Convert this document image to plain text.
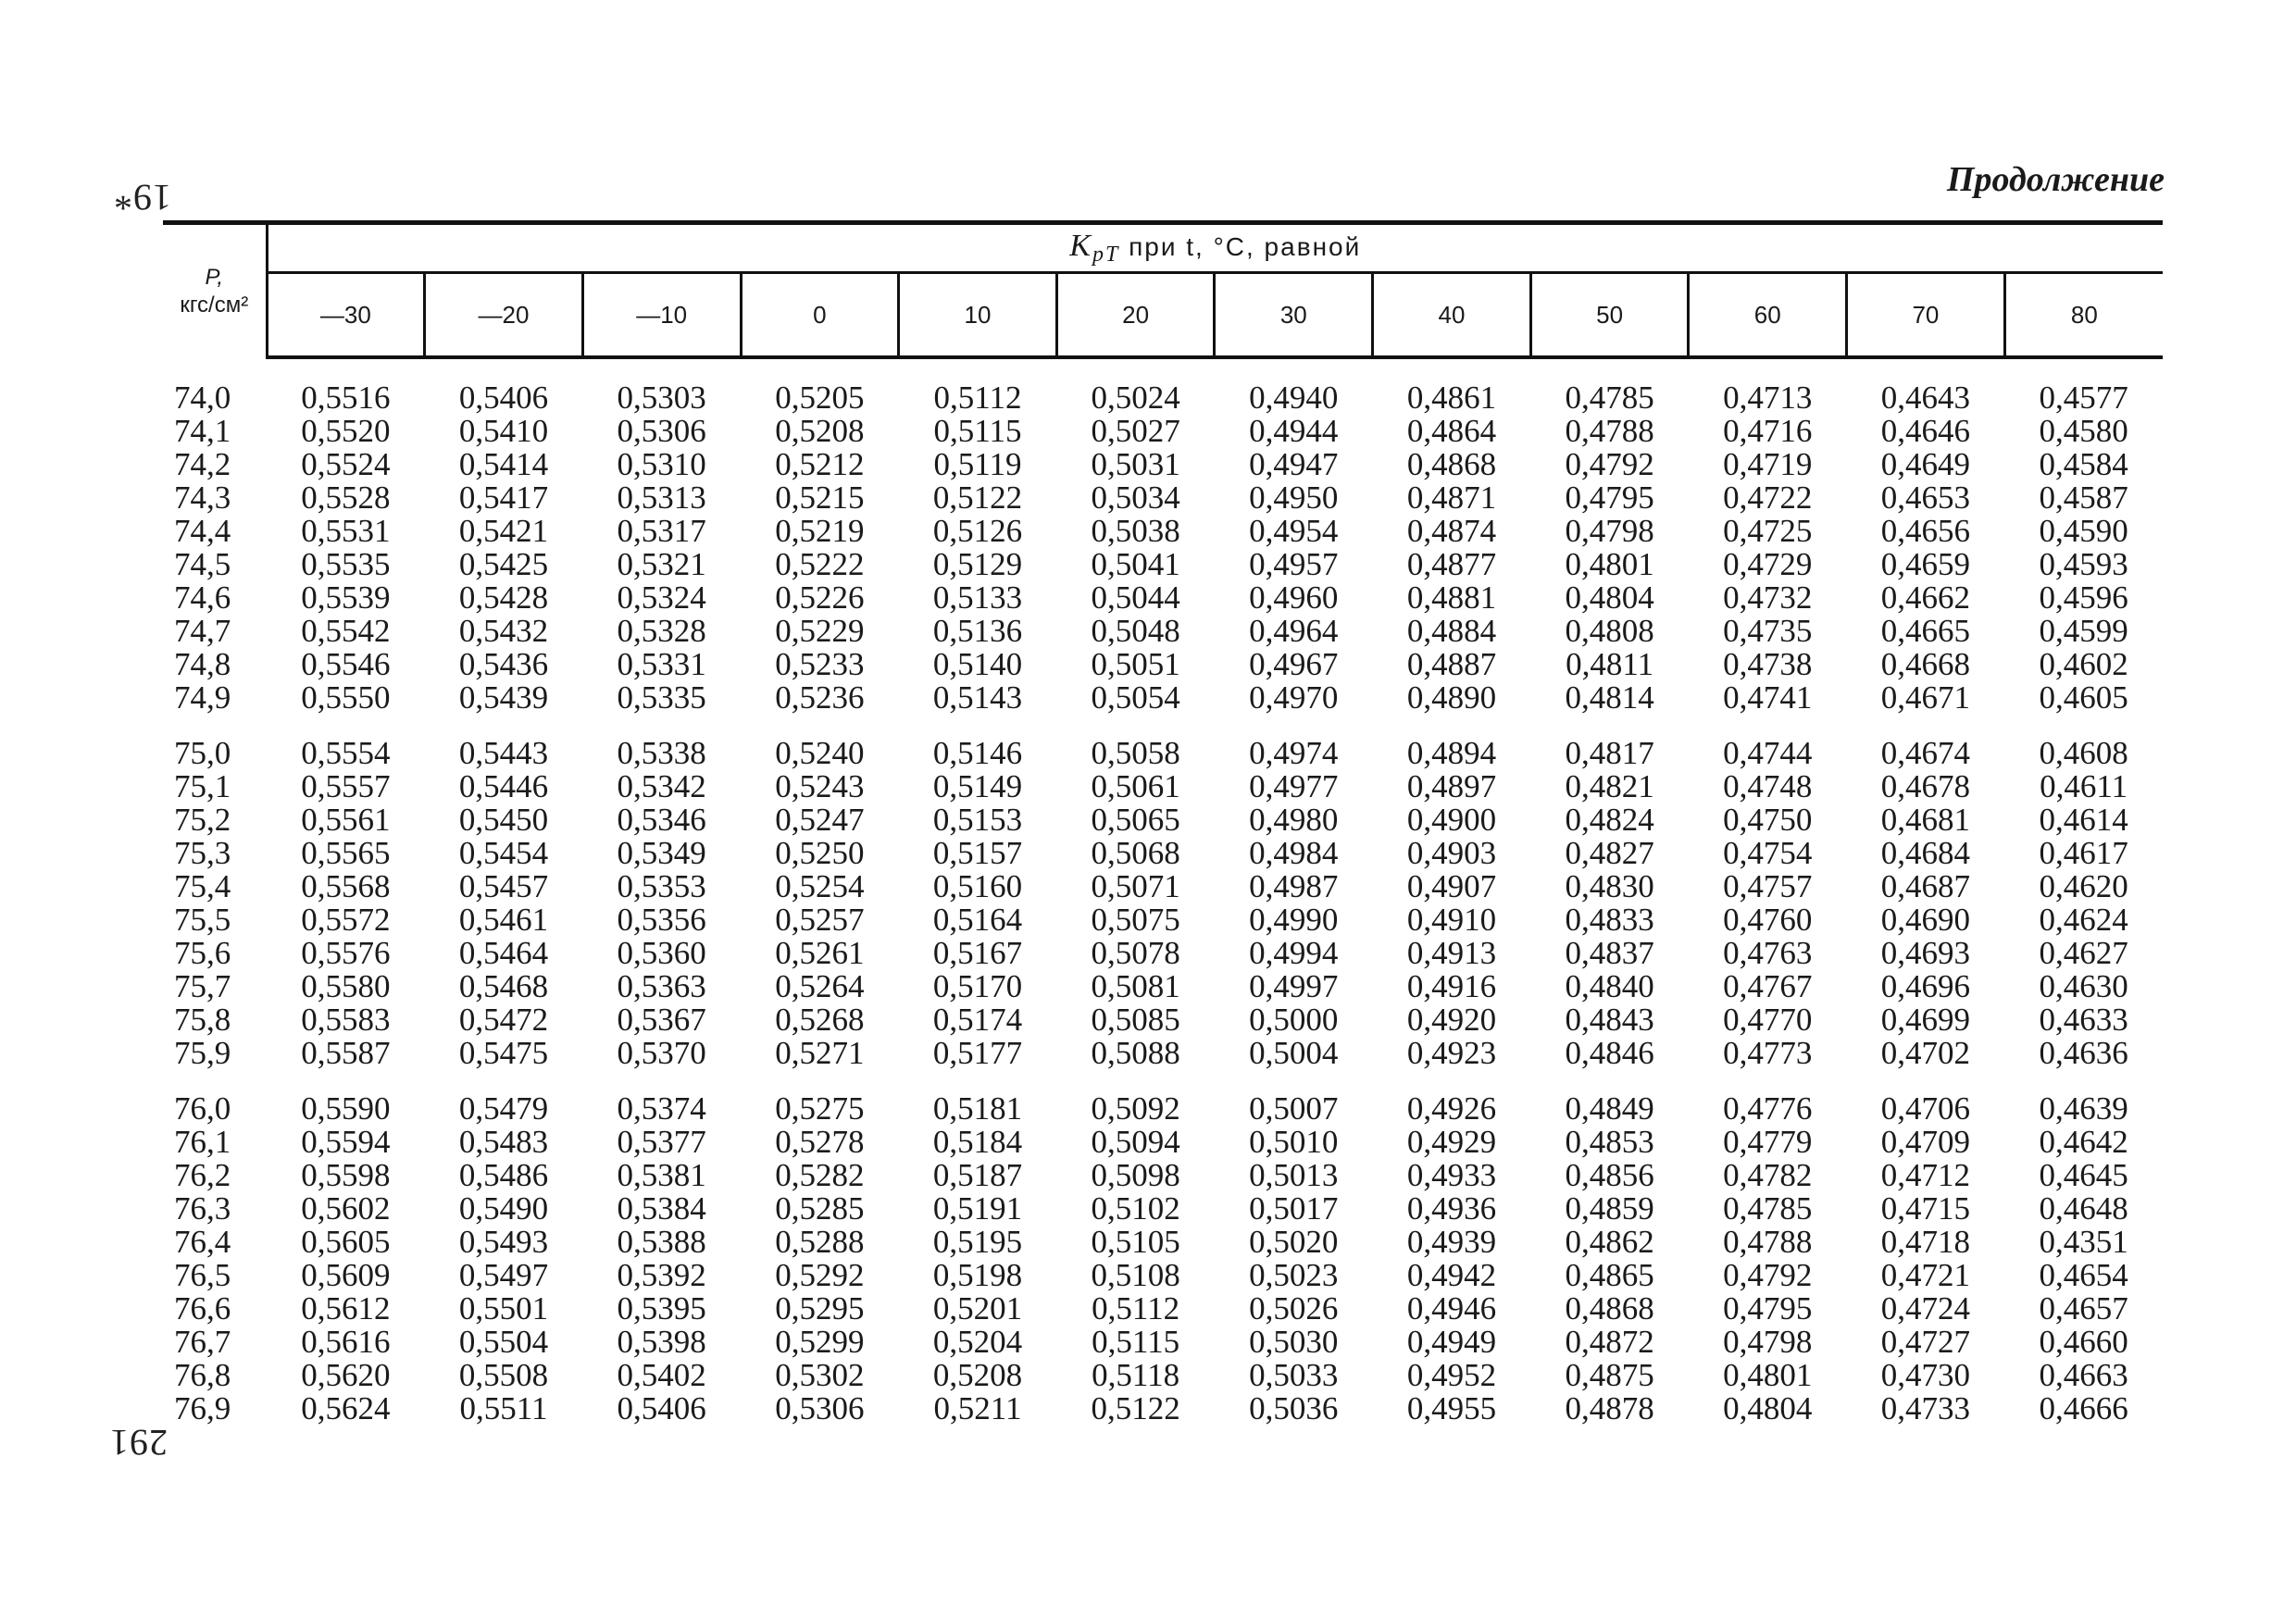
19*
291
Продолжение
P,
кгс/см²	KрТ при t, °С, равной											
	—30	—20	—10	0	10	20	30	40	50	60	70	80

74,0	0,5516	0,5406	0,5303	0,5205	0,5112	0,5024	0,4940	0,4861	0,4785	0,4713	0,4643	0,4577
74,1	0,5520	0,5410	0,5306	0,5208	0,5115	0,5027	0,4944	0,4864	0,4788	0,4716	0,4646	0,4580
74,2	0,5524	0,5414	0,5310	0,5212	0,5119	0,5031	0,4947	0,4868	0,4792	0,4719	0,4649	0,4584
74,3	0,5528	0,5417	0,5313	0,5215	0,5122	0,5034	0,4950	0,4871	0,4795	0,4722	0,4653	0,4587
74,4	0,5531	0,5421	0,5317	0,5219	0,5126	0,5038	0,4954	0,4874	0,4798	0,4725	0,4656	0,4590
74,5	0,5535	0,5425	0,5321	0,5222	0,5129	0,5041	0,4957	0,4877	0,4801	0,4729	0,4659	0,4593
74,6	0,5539	0,5428	0,5324	0,5226	0,5133	0,5044	0,4960	0,4881	0,4804	0,4732	0,4662	0,4596
74,7	0,5542	0,5432	0,5328	0,5229	0,5136	0,5048	0,4964	0,4884	0,4808	0,4735	0,4665	0,4599
74,8	0,5546	0,5436	0,5331	0,5233	0,5140	0,5051	0,4967	0,4887	0,4811	0,4738	0,4668	0,4602
74,9	0,5550	0,5439	0,5335	0,5236	0,5143	0,5054	0,4970	0,4890	0,4814	0,4741	0,4671	0,4605

75,0	0,5554	0,5443	0,5338	0,5240	0,5146	0,5058	0,4974	0,4894	0,4817	0,4744	0,4674	0,4608
75,1	0,5557	0,5446	0,5342	0,5243	0,5149	0,5061	0,4977	0,4897	0,4821	0,4748	0,4678	0,4611
75,2	0,5561	0,5450	0,5346	0,5247	0,5153	0,5065	0,4980	0,4900	0,4824	0,4750	0,4681	0,4614
75,3	0,5565	0,5454	0,5349	0,5250	0,5157	0,5068	0,4984	0,4903	0,4827	0,4754	0,4684	0,4617
75,4	0,5568	0,5457	0,5353	0,5254	0,5160	0,5071	0,4987	0,4907	0,4830	0,4757	0,4687	0,4620
75,5	0,5572	0,5461	0,5356	0,5257	0,5164	0,5075	0,4990	0,4910	0,4833	0,4760	0,4690	0,4624
75,6	0,5576	0,5464	0,5360	0,5261	0,5167	0,5078	0,4994	0,4913	0,4837	0,4763	0,4693	0,4627
75,7	0,5580	0,5468	0,5363	0,5264	0,5170	0,5081	0,4997	0,4916	0,4840	0,4767	0,4696	0,4630
75,8	0,5583	0,5472	0,5367	0,5268	0,5174	0,5085	0,5000	0,4920	0,4843	0,4770	0,4699	0,4633
75,9	0,5587	0,5475	0,5370	0,5271	0,5177	0,5088	0,5004	0,4923	0,4846	0,4773	0,4702	0,4636

76,0	0,5590	0,5479	0,5374	0,5275	0,5181	0,5092	0,5007	0,4926	0,4849	0,4776	0,4706	0,4639
76,1	0,5594	0,5483	0,5377	0,5278	0,5184	0,5094	0,5010	0,4929	0,4853	0,4779	0,4709	0,4642
76,2	0,5598	0,5486	0,5381	0,5282	0,5187	0,5098	0,5013	0,4933	0,4856	0,4782	0,4712	0,4645
76,3	0,5602	0,5490	0,5384	0,5285	0,5191	0,5102	0,5017	0,4936	0,4859	0,4785	0,4715	0,4648
76,4	0,5605	0,5493	0,5388	0,5288	0,5195	0,5105	0,5020	0,4939	0,4862	0,4788	0,4718	0,4351
76,5	0,5609	0,5497	0,5392	0,5292	0,5198	0,5108	0,5023	0,4942	0,4865	0,4792	0,4721	0,4654
76,6	0,5612	0,5501	0,5395	0,5295	0,5201	0,5112	0,5026	0,4946	0,4868	0,4795	0,4724	0,4657
76,7	0,5616	0,5504	0,5398	0,5299	0,5204	0,5115	0,5030	0,4949	0,4872	0,4798	0,4727	0,4660
76,8	0,5620	0,5508	0,5402	0,5302	0,5208	0,5118	0,5033	0,4952	0,4875	0,4801	0,4730	0,4663
76,9	0,5624	0,5511	0,5406	0,5306	0,5211	0,5122	0,5036	0,4955	0,4878	0,4804	0,4733	0,4666
